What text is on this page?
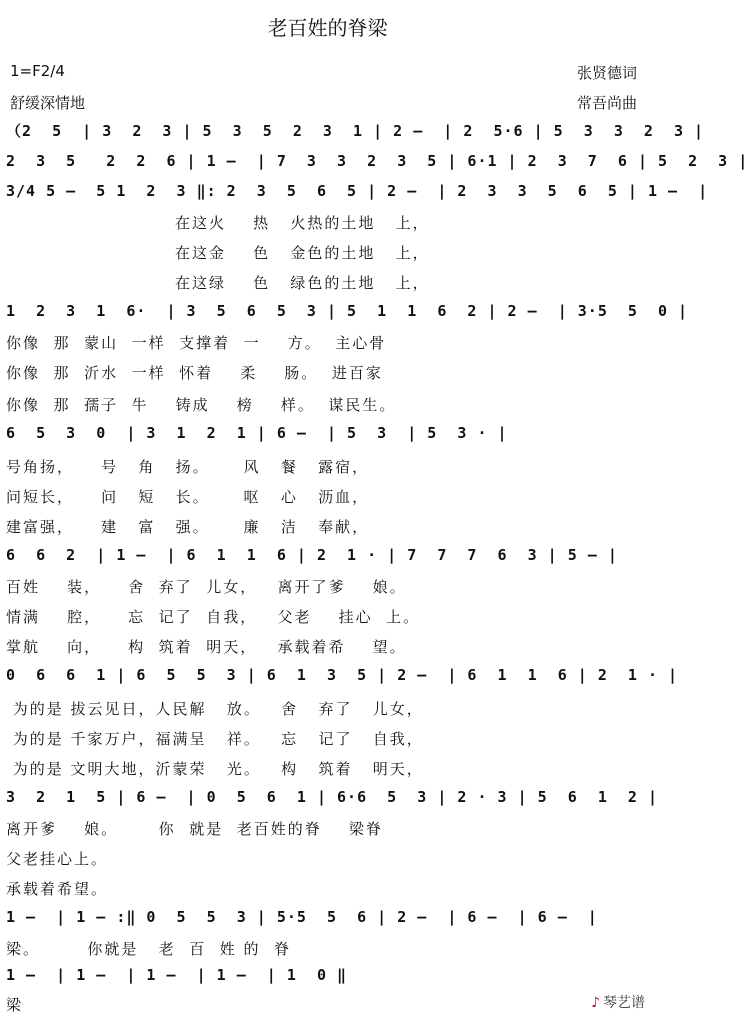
老百姓的脊梁
1=F2/4
舒缓深情地
张贤德词
常吾尚曲
（2  5  | 3  2  3 | 5  3  5  2  3  1 | 2 –  | 2  5·6 | 5  3  3  2  3 |
2  3  5   2  2  6 | 1 –  | 7  3  3  2  3  5 | 6·1 | 2  3  7  6 | 5  2  3 |
3/4 5 –  5 1  2  3 ‖: 2  3  5  6  5 | 2 –  | 2  3  3  5  6  5 | 1 –  |
在这火    热   火热的土地   上，
在这金    色   金色的土地   上，
在这绿    色   绿色的土地   上，
1  2  3  1  6·  | 3  5  6  5  3 | 5  1  1  6  2 | 2 –  | 3·5  5  0 |
你像  那  蒙山  一样  支撑着  一    方。  主心骨
你像  那  沂水  一样  怀着    柔    肠。  进百家
你像  那  孺子  牛    铸成    榜    样。  谋民生。
6  5  3  0  | 3  1  2  1 | 6 –  | 5  3  | 5  3 · |
号角扬，    号   角   扬。     风   餐   露宿，
问短长，    问   短   长。     呕   心   沥血，
建富强，    建   富   强。     廉   洁   奉献，
6  6  2  | 1 –  | 6  1  1  6 | 2  1 · | 7  7  7  6  3 | 5 – |
百姓    装，    舍  弃了  儿女，   离开了爹    娘。
情满    腔，    忘  记了  自我，   父老    挂心  上。
掌航    向，    构  筑着  明天，   承载着希    望。
0  6  6  1 | 6  5  5  3 | 6  1  3  5 | 2 –  | 6  1  1  6 | 2  1 · |
为的是 拔云见日，人民解   放。   舍   弃了   儿女，
为的是 千家万户，福满呈   祥。   忘   记了   自我，
为的是 文明大地，沂蒙荣   光。   构   筑着   明天，
3  2  1  5 | 6 –  | 0  5  6  1 | 6·6  5  3 | 2 · 3 | 5  6  1  2 |
离开爹    娘。      你  就是  老百姓的脊    梁脊
父老挂心上。
承载着希望。
1 –  | 1 – :‖ 0  5  5  3 | 5·5  5  6 | 2 –  | 6 –  | 6 –  |
梁。       你就是   老  百  姓 的  脊
1 –  | 1 –  | 1 –  | 1 –  | 1  0 ‖
梁	♪ 琴艺谱
